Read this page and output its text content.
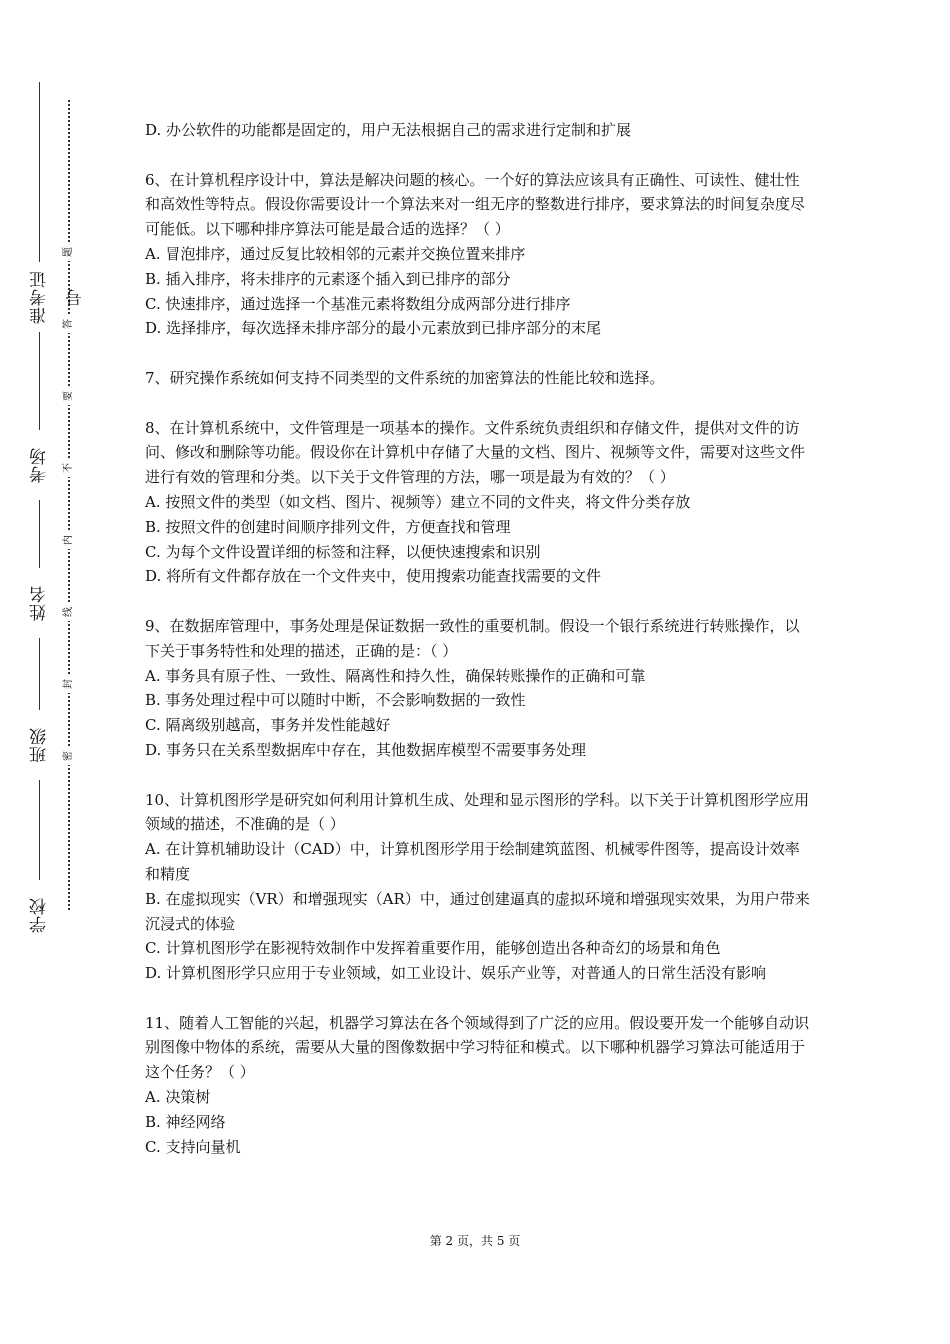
准考证号
考场
姓名
班级
学校
题
答
要
不
内
线
封
密

D. 办公软件的功能都是固定的，用户无法根据自己的需求进行定制和扩展

6、在计算机程序设计中，算法是解决问题的核心。一个好的算法应该具有正确性、可读性、健壮性和高效性等特点。假设你需要设计一个算法来对一组无序的整数进行排序，要求算法的时间复杂度尽可能低。以下哪种排序算法可能是最合适的选择？（ ）

A. 冒泡排序，通过反复比较相邻的元素并交换位置来排序

B. 插入排序，将未排序的元素逐个插入到已排序的部分

C. 快速排序，通过选择一个基准元素将数组分成两部分进行排序

D. 选择排序，每次选择未排序部分的最小元素放到已排序部分的末尾

7、研究操作系统如何支持不同类型的文件系统的加密算法的性能比较和选择。

8、在计算机系统中，文件管理是一项基本的操作。文件系统负责组织和存储文件，提供对文件的访问、修改和删除等功能。假设你在计算机中存储了大量的文档、图片、视频等文件，需要对这些文件进行有效的管理和分类。以下关于文件管理的方法，哪一项是最为有效的？（ ）

A. 按照文件的类型（如文档、图片、视频等）建立不同的文件夹，将文件分类存放

B. 按照文件的创建时间顺序排列文件，方便查找和管理

C. 为每个文件设置详细的标签和注释，以便快速搜索和识别

D. 将所有文件都存放在一个文件夹中，使用搜索功能查找需要的文件

9、在数据库管理中，事务处理是保证数据一致性的重要机制。假设一个银行系统进行转账操作，以下关于事务特性和处理的描述，正确的是：（ ）

A. 事务具有原子性、一致性、隔离性和持久性，确保转账操作的正确和可靠

B. 事务处理过程中可以随时中断，不会影响数据的一致性

C. 隔离级别越高，事务并发性能越好

D. 事务只在关系型数据库中存在，其他数据库模型不需要事务处理

10、计算机图形学是研究如何利用计算机生成、处理和显示图形的学科。以下关于计算机图形学应用领域的描述，不准确的是（ ）

A. 在计算机辅助设计（CAD）中，计算机图形学用于绘制建筑蓝图、机械零件图等，提高设计效率和精度

B. 在虚拟现实（VR）和增强现实（AR）中，通过创建逼真的虚拟环境和增强现实效果，为用户带来沉浸式的体验

C. 计算机图形学在影视特效制作中发挥着重要作用，能够创造出各种奇幻的场景和角色

D. 计算机图形学只应用于专业领域，如工业设计、娱乐产业等，对普通人的日常生活没有影响

11、随着人工智能的兴起，机器学习算法在各个领域得到了广泛的应用。假设要开发一个能够自动识别图像中物体的系统，需要从大量的图像数据中学习特征和模式。以下哪种机器学习算法可能适用于这个任务？（ ）

A. 决策树

B. 神经网络

C. 支持向量机

第 2 页，共 5 页
